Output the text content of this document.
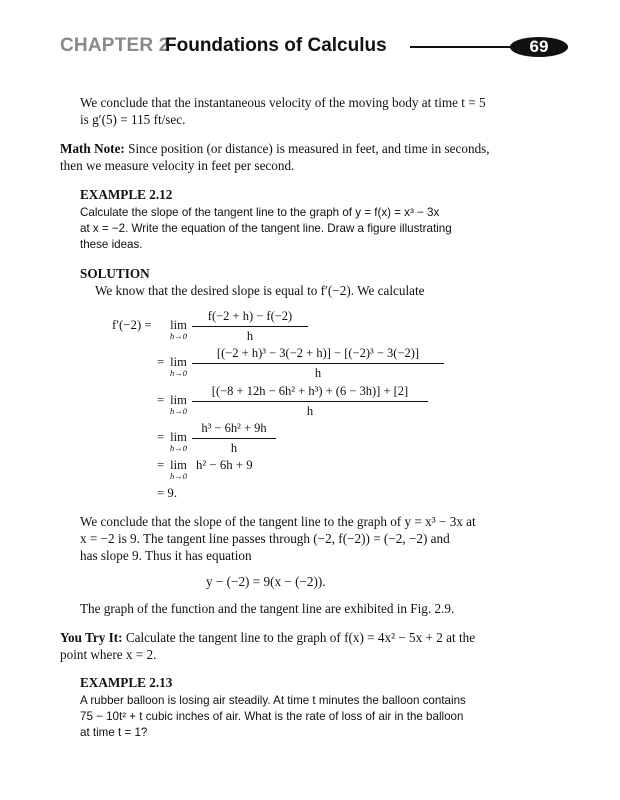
CHAPTER 2
Foundations of Calculus	69
We conclude that the instantaneous velocity of the moving body at time t = 5
is g′(5) = 115 ft/sec.
Math Note: Since position (or distance) is measured in feet, and time in seconds,
then we measure velocity in feet per second.
EXAMPLE 2.12
Calculate the slope of the tangent line to the graph of y = f(x) = x³ − 3x
at x = −2. Write the equation of the tangent line. Draw a figure illustrating
these ideas.
SOLUTION
We know that the desired slope is equal to f′(−2). We calculate
f′(−2) = lim
h→0
f(−2 + h) − f(−2)
h
= lim
h→0
[(−2 + h)³ − 3(−2 + h)] − [(−2)³ − 3(−2)]
h
= lim
h→0
[(−8 + 12h − 6h² + h³) + (6 − 3h)] + [2]
h
= lim
h→0
h³ − 6h² + 9h
h
= lim
h→0
h² − 6h + 9
= 9.
We conclude that the slope of the tangent line to the graph of y = x³ − 3x at
x = −2 is 9. The tangent line passes through (−2, f(−2)) = (−2, −2) and
has slope 9. Thus it has equation
y − (−2) = 9(x − (−2)).
The graph of the function and the tangent line are exhibited in Fig. 2.9.
You Try It: Calculate the tangent line to the graph of f(x) = 4x² − 5x + 2 at the
point where x = 2.
EXAMPLE 2.13
A rubber balloon is losing air steadily. At time t minutes the balloon contains
75 − 10t² + t cubic inches of air. What is the rate of loss of air in the balloon
at time t = 1?
